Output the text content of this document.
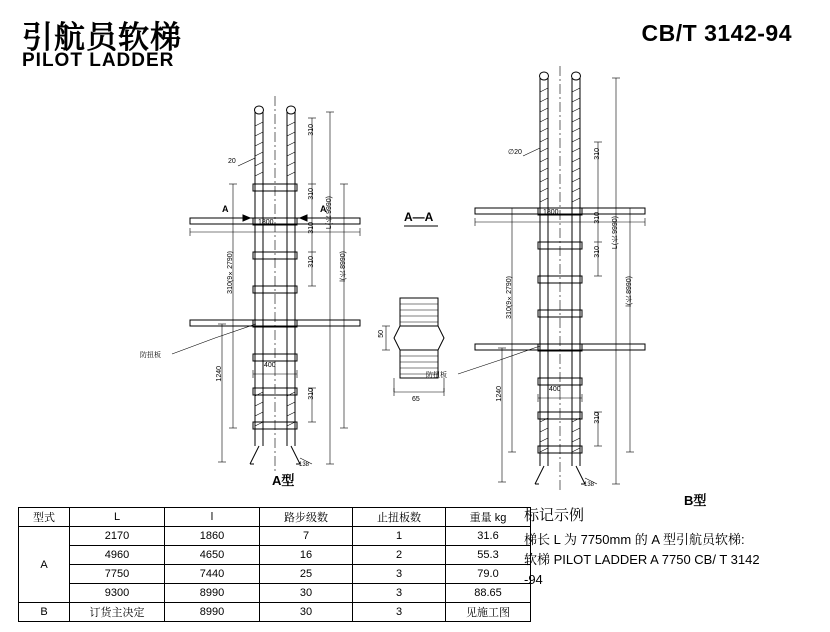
引航员软梯
PILOT LADDER
CB/T 3142-94
A型
20
310
310
310
310
310
310(9×2790)
1240
L(长 9990)
l(长 8990)
400
1800
138
防扭板
A	A
A—A
50
65
B型
∅20	310
310
310
310
310(9×2790)
1240
L(长 9990)
l(长 8990)
400
1800
138
防扭板
型式	L	l	路步级数	止扭板数	重量 kg
A	2170	1860	7	1	31.6
	4960	4650	16	2	55.3
	7750	7440	25	3	79.0
	9300	8990	30	3	88.65
B	订货主决定	8990	30	3	见施工图
标记示例

梯长 L 为 7750mm 的 A 型引航员软梯:

软梯 PILOT LADDER A 7750 CB/ T 3142

-94
